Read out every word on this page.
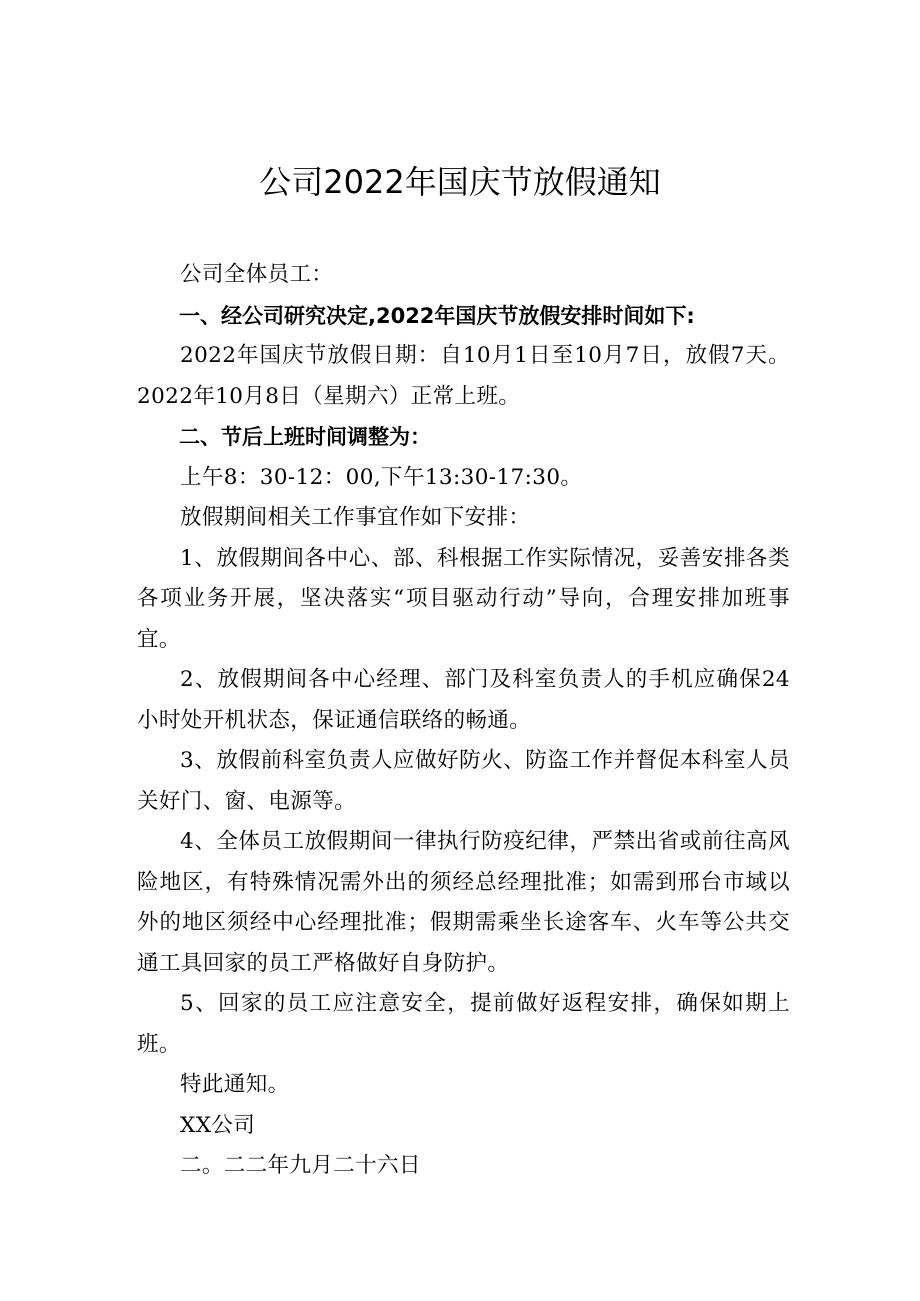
公司2022年国庆节放假通知

公司全体员工：

一、经公司研究决定,2022年国庆节放假安排时间如下:

2022年国庆节放假日期：自10月1日至10月7日，放假7天。2022年10月8日（星期六）正常上班。

二、节后上班时间调整为：

上午8：30-12：00,下午13:30-17:30。

放假期间相关工作事宜作如下安排：

1、放假期间各中心、部、科根据工作实际情况，妥善安排各类各项业务开展，坚决落实“项目驱动行动”导向，合理安排加班事宜。

2、放假期间各中心经理、部门及科室负责人的手机应确保24小时处开机状态，保证通信联络的畅通。

3、放假前科室负责人应做好防火、防盗工作并督促本科室人员关好门、窗、电源等。

4、全体员工放假期间一律执行防疫纪律，严禁出省或前往高风险地区，有特殊情况需外出的须经总经理批准；如需到邢台市域以外的地区须经中心经理批准；假期需乘坐长途客车、火车等公共交通工具回家的员工严格做好自身防护。

5、回家的员工应注意安全，提前做好返程安排，确保如期上班。

特此通知。

XX公司

二。二二年九月二十六日
